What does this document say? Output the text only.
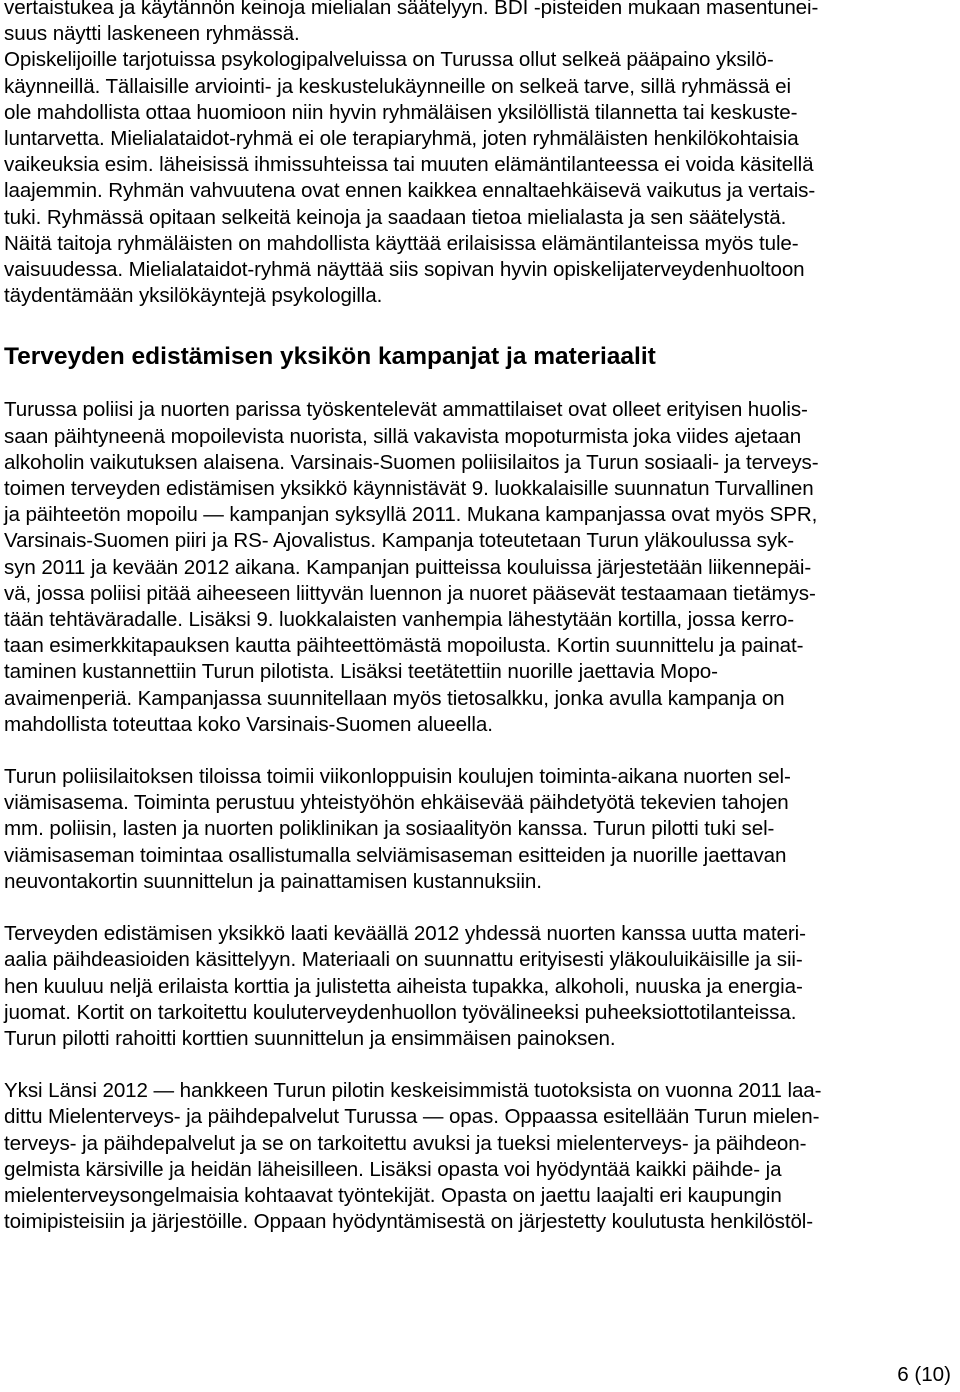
vertaistukea ja käytännön keinoja mielialan säätelyyn. BDI -pisteiden mukaan masentunei-

suus näytti laskeneen ryhmässä.

Opiskelijoille tarjotuissa psykologipalveluissa on Turussa ollut selkeä pääpaino yksilö-

käynneillä. Tällaisille arviointi- ja keskustelukäynneille on selkeä tarve, sillä ryhmässä ei

ole mahdollista ottaa huomioon niin hyvin ryhmäläisen yksilöllistä tilannetta tai keskuste-

luntarvetta. Mielialataidot-ryhmä ei ole terapiaryhmä, joten ryhmäläisten henkilökohtaisia

vaikeuksia esim. läheisissä ihmissuhteissa tai muuten elämäntilanteessa ei voida käsitellä

laajemmin. Ryhmän vahvuutena ovat ennen kaikkea ennaltaehkäisevä vaikutus ja vertais-

tuki. Ryhmässä opitaan selkeitä keinoja ja saadaan tietoa mielialasta ja sen säätelystä.

Näitä taitoja ryhmäläisten on mahdollista käyttää erilaisissa elämäntilanteissa myös tule-

vaisuudessa. Mielialataidot-ryhmä näyttää siis sopivan hyvin opiskelijaterveydenhuoltoon

täydentämään yksilökäyntejä psykologilla.

Terveyden edistämisen yksikön kampanjat ja materiaalit

Turussa poliisi ja nuorten parissa työskentelevät ammattilaiset ovat olleet erityisen huolis-

saan päihtyneenä mopoilevista nuorista, sillä vakavista mopoturmista joka viides ajetaan

alkoholin vaikutuksen alaisena. Varsinais-Suomen poliisilaitos ja Turun sosiaali- ja terveys-

toimen terveyden edistämisen yksikkö käynnistävät 9. luokkalaisille suunnatun Turvallinen

ja päihteetön mopoilu — kampanjan syksyllä 2011. Mukana kampanjassa ovat myös SPR,

Varsinais-Suomen piiri ja RS- Ajovalistus. Kampanja toteutetaan Turun yläkoulussa syk-

syn 2011 ja kevään 2012 aikana. Kampanjan puitteissa kouluissa järjestetään liikennepäi-

vä, jossa poliisi pitää aiheeseen liittyvän luennon ja nuoret pääsevät testaamaan tietämys-

tään tehtäväradalle. Lisäksi 9. luokkalaisten vanhempia lähestytään kortilla, jossa kerro-

taan esimerkkitapauksen kautta päihteettömästä mopoilusta. Kortin suunnittelu ja painat-

taminen kustannettiin Turun pilotista. Lisäksi teetätettiin nuorille jaettavia Mopo-

avaimenperiä. Kampanjassa suunnitellaan myös tietosalkku, jonka avulla kampanja on

mahdollista toteuttaa koko Varsinais-Suomen alueella.

Turun poliisilaitoksen tiloissa toimii viikonloppuisin koulujen toiminta-aikana nuorten sel-

viämisasema. Toiminta perustuu yhteistyöhön ehkäisevää päihdetyötä tekevien tahojen

mm. poliisin, lasten ja nuorten poliklinikan ja sosiaalityön kanssa. Turun pilotti tuki sel-

viämisaseman toimintaa osallistumalla selviämisaseman esitteiden ja nuorille jaettavan

neuvontakortin suunnittelun ja painattamisen kustannuksiin.

Terveyden edistämisen yksikkö laati keväällä 2012 yhdessä nuorten kanssa uutta materi-

aalia päihdeasioiden käsittelyyn. Materiaali on suunnattu erityisesti yläkouluikäisille ja sii-

hen kuuluu neljä erilaista korttia ja julistetta aiheista tupakka, alkoholi, nuuska ja energia-

juomat. Kortit on tarkoitettu kouluterveydenhuollon työvälineeksi puheeksiottotilanteissa.

Turun pilotti rahoitti korttien suunnittelun ja ensimmäisen painoksen.

Yksi Länsi 2012 — hankkeen Turun pilotin keskeisimmistä tuotoksista on vuonna 2011 laa-

dittu Mielenterveys- ja päihdepalvelut Turussa — opas. Oppaassa esitellään Turun mielen-

terveys- ja päihdepalvelut ja se on tarkoitettu avuksi ja tueksi mielenterveys- ja päihdeon-

gelmista kärsiville ja heidän läheisilleen. Lisäksi opasta voi hyödyntää kaikki päihde- ja

mielenterveysongelmaisia kohtaavat työntekijät. Opasta on jaettu laajalti eri kaupungin

toimipisteisiin ja järjestöille. Oppaan hyödyntämisestä on järjestetty koulutusta henkilöstöl-

6 (10)
